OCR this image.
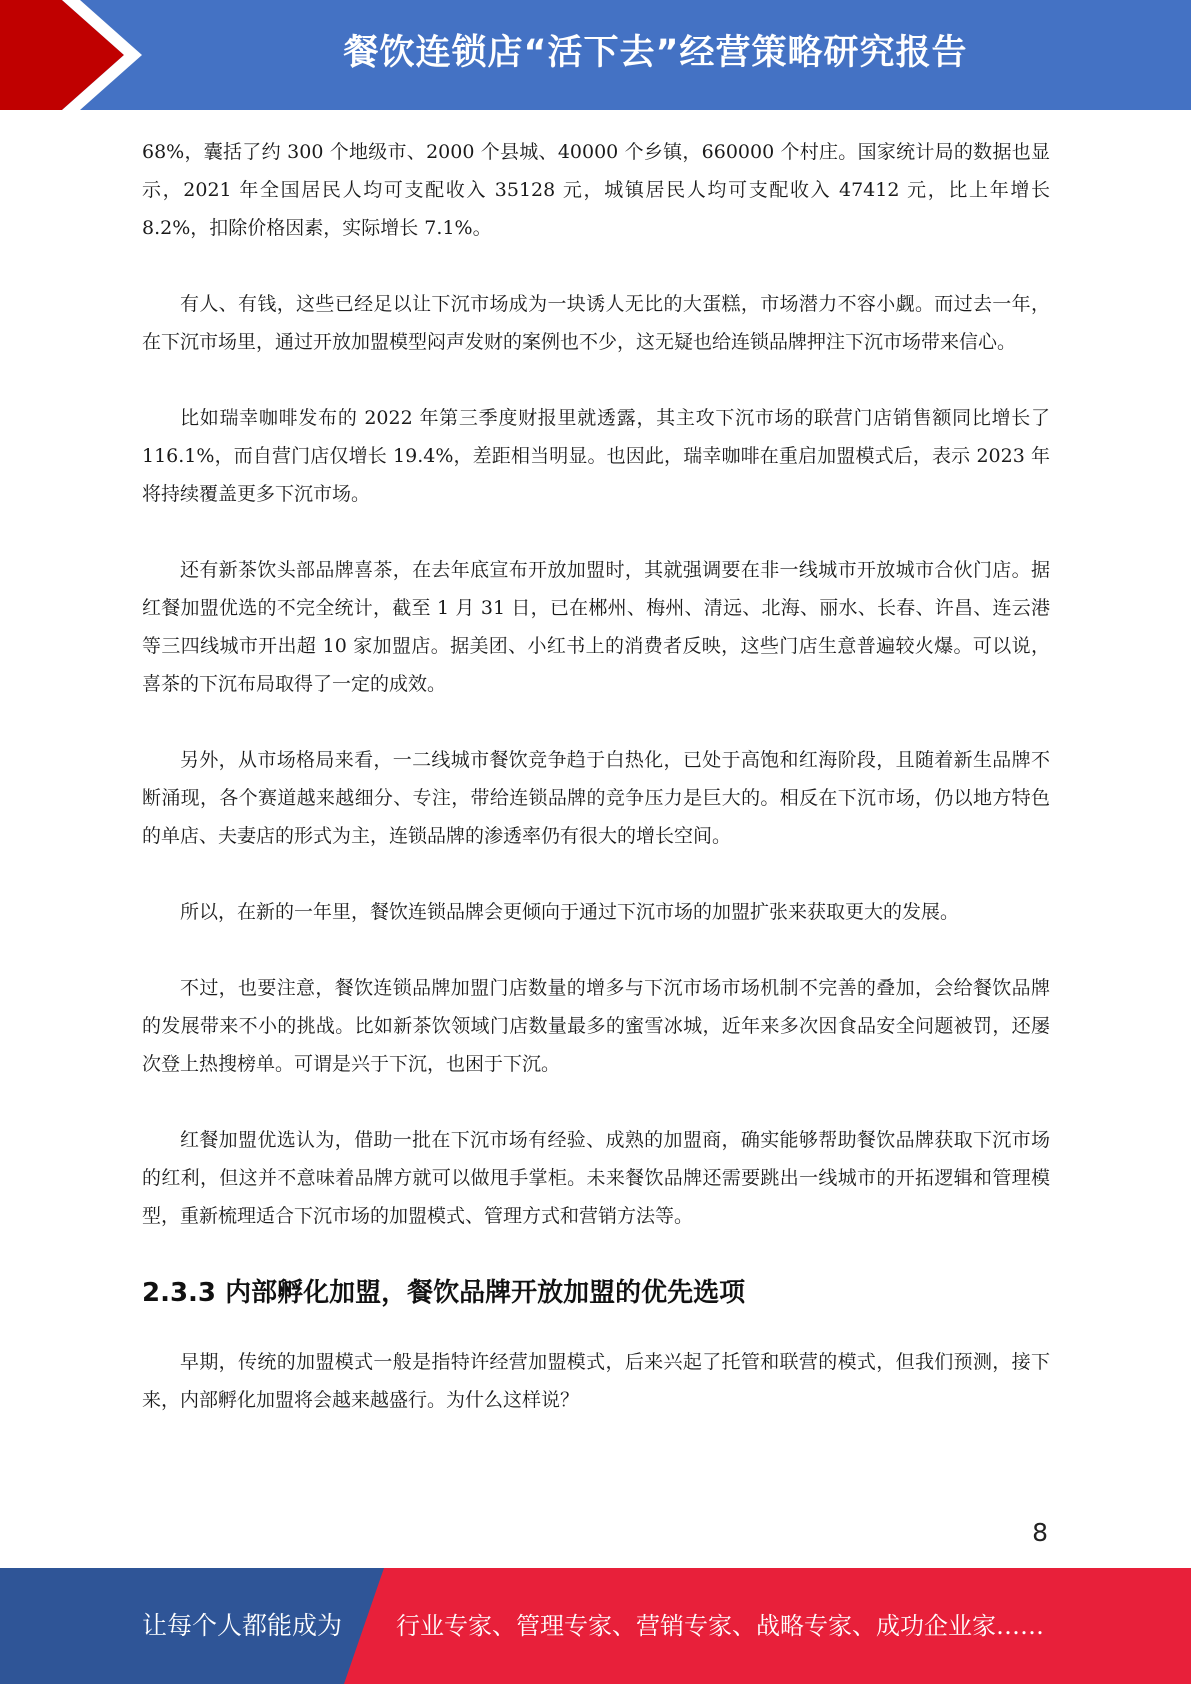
餐饮连锁店“活下去”经营策略研究报告

68%，囊括了约 300 个地级市、2000 个县城、40000 个乡镇，660000 个村庄。国家统计局的数据也显示，2021 年全国居民人均可支配收入 35128 元，城镇居民人均可支配收入 47412 元，比上年增长 8.2%，扣除价格因素，实际增长 7.1%。

有人、有钱，这些已经足以让下沉市场成为一块诱人无比的大蛋糕，市场潜力不容小觑。而过去一年，在下沉市场里，通过开放加盟模型闷声发财的案例也不少，这无疑也给连锁品牌押注下沉市场带来信心。

比如瑞幸咖啡发布的 2022 年第三季度财报里就透露，其主攻下沉市场的联营门店销售额同比增长了 116.1%，而自营门店仅增长 19.4%，差距相当明显。也因此，瑞幸咖啡在重启加盟模式后，表示 2023 年将持续覆盖更多下沉市场。

还有新茶饮头部品牌喜茶，在去年底宣布开放加盟时，其就强调要在非一线城市开放城市合伙门店。据红餐加盟优选的不完全统计，截至 1 月 31 日，已在郴州、梅州、清远、北海、丽水、长春、许昌、连云港等三四线城市开出超 10 家加盟店。据美团、小红书上的消费者反映，这些门店生意普遍较火爆。可以说，喜茶的下沉布局取得了一定的成效。

另外，从市场格局来看，一二线城市餐饮竞争趋于白热化，已处于高饱和红海阶段，且随着新生品牌不断涌现，各个赛道越来越细分、专注，带给连锁品牌的竞争压力是巨大的。相反在下沉市场，仍以地方特色的单店、夫妻店的形式为主，连锁品牌的渗透率仍有很大的增长空间。

所以，在新的一年里，餐饮连锁品牌会更倾向于通过下沉市场的加盟扩张来获取更大的发展。

不过，也要注意，餐饮连锁品牌加盟门店数量的增多与下沉市场市场机制不完善的叠加，会给餐饮品牌的发展带来不小的挑战。比如新茶饮领域门店数量最多的蜜雪冰城，近年来多次因食品安全问题被罚，还屡次登上热搜榜单。可谓是兴于下沉，也困于下沉。

红餐加盟优选认为，借助一批在下沉市场有经验、成熟的加盟商，确实能够帮助餐饮品牌获取下沉市场的红利，但这并不意味着品牌方就可以做甩手掌柜。未来餐饮品牌还需要跳出一线城市的开拓逻辑和管理模型，重新梳理适合下沉市场的加盟模式、管理方式和营销方法等。

2.3.3 内部孵化加盟，餐饮品牌开放加盟的优先选项

早期，传统的加盟模式一般是指特许经营加盟模式，后来兴起了托管和联营的模式，但我们预测，接下来，内部孵化加盟将会越来越盛行。为什么这样说？

8
让每个人都能成为 行业专家、管理专家、营销专家、战略专家、成功企业家……
